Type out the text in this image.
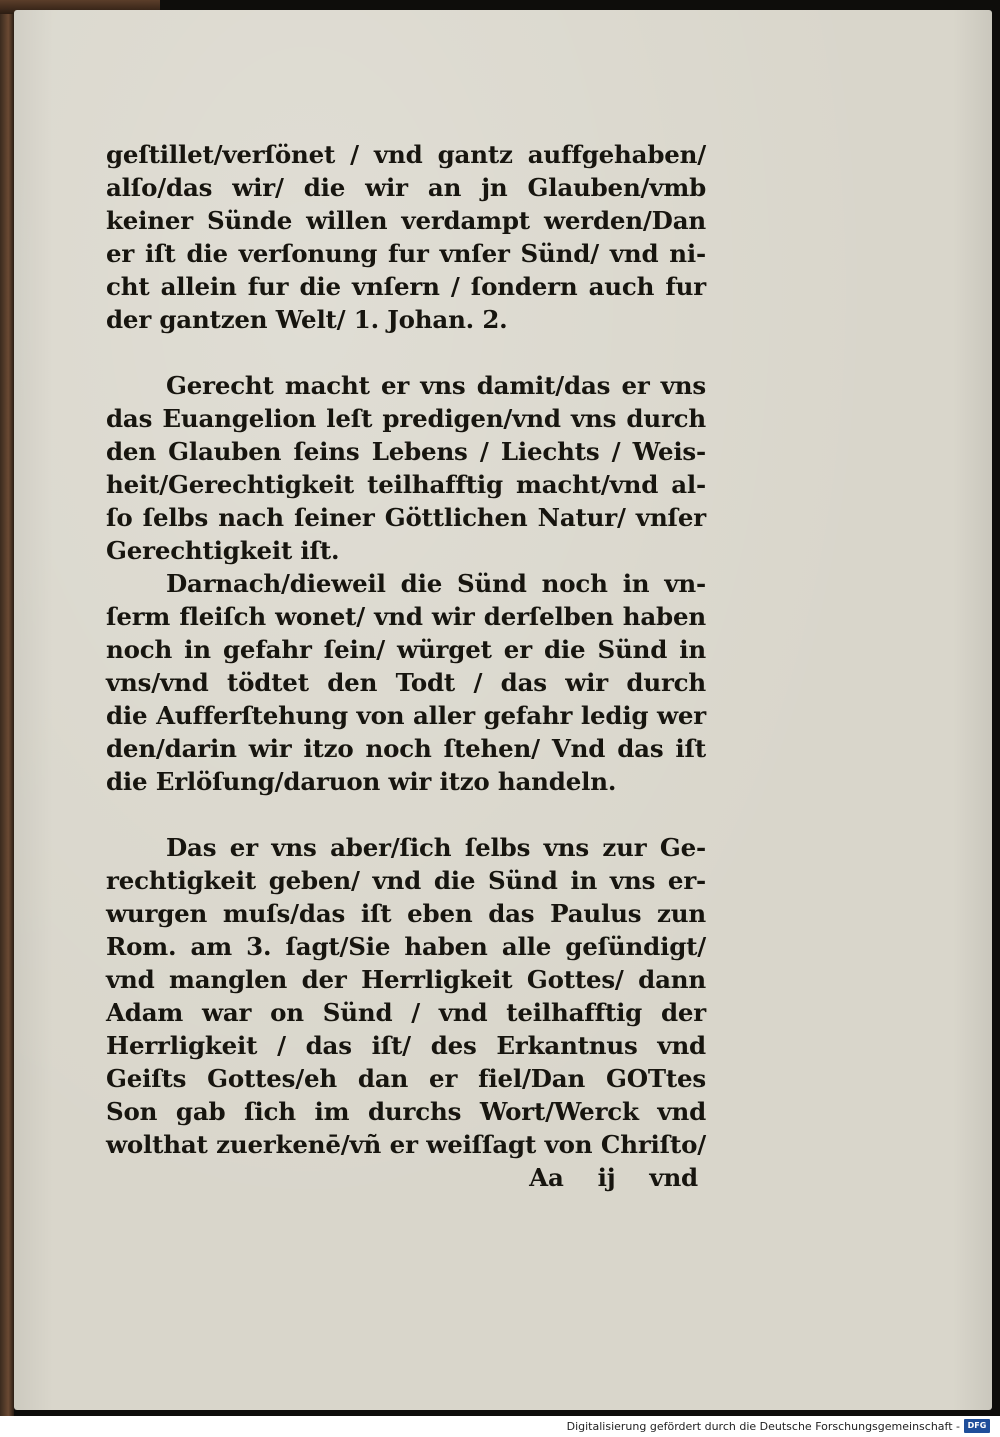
geſtillet/verſönet / vnd gantz auffgehaben/
alſo/das wir/ die wir an jn Glauben/vmb
keiner Sünde willen verdampt werden/Dan
er iſt die verſonung fur vnſer Sünd/ vnd ni-
cht allein fur die vnſern / ſondern auch fur
der gantzen Welt/ 1. Johan. 2.
Gerecht macht er vns damit/das er vns
das Euangelion leſt predigen/vnd vns durch
den Glauben ſeins Lebens / Liechts / Weis-
heit/Gerechtigkeit teilhafftig macht/vnd al-
ſo ſelbs nach ſeiner Göttlichen Natur/ vnſer
Gerechtigkeit iſt.
Darnach/dieweil die Sünd noch in vn-
ſerm fleiſch wonet/ vnd wir derſelben haben
noch in gefahr ſein/ würget er die Sünd in
vns/vnd tödtet den Todt / das wir durch
die Aufferſtehung von aller gefahr ledig wer
den/darin wir itzo noch ſtehen/ Vnd das iſt
die Erlöſung/daruon wir itzo handeln.
Das er vns aber/ſich ſelbs vns zur Ge-
rechtigkeit geben/ vnd die Sünd in vns er-
wurgen muſs/das iſt eben das Paulus zun
Rom. am 3. ſagt/Sie haben alle geſündigt/
vnd manglen der Herrligkeit Gottes/ dann
Adam war on Sünd / vnd teilhafftig der
Herrligkeit / das iſt/ des Erkantnus vnd
Geiſts Gottes/eh dan er fiel/Dan GOTtes
Son gab ſich im durchs Wort/Werck vnd
wolthat zuerkenē/vñ er weiſſagt von Chriſto/
Aa ij vnd
Digitalisierung gefördert durch die Deutsche Forschungsgemeinschaft - DFG
